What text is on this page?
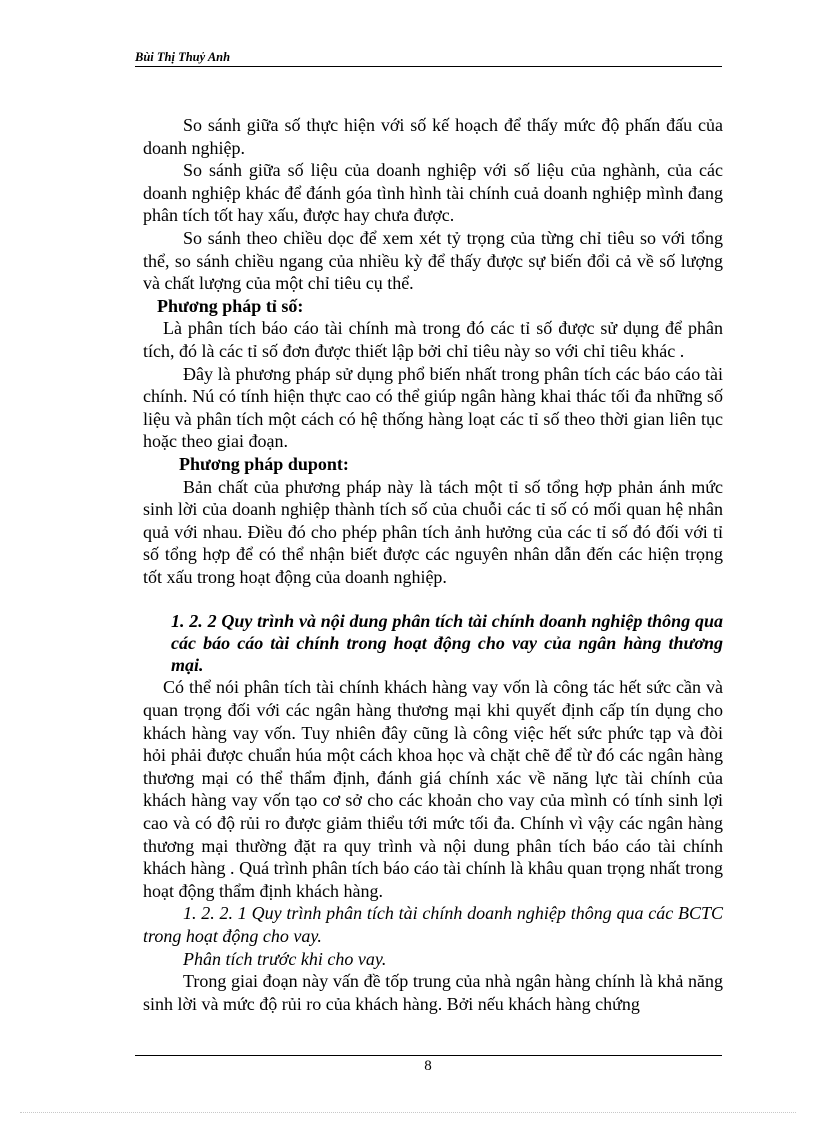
Bùi Thị Thuỷ Anh

So sánh giữa số thực hiện với số kế hoạch để thấy mức độ phấn đấu của doanh nghiệp.

So sánh giữa số liệu của doanh nghiệp với số liệu của nghành, của các doanh nghiệp khác để đánh góa tình hình tài chính cuả doanh nghiệp mình đang phân tích tốt hay xấu, được hay chưa được.

So sánh theo chiều dọc để xem xét tỷ trọng của từng chỉ tiêu so với tổng thể, so sánh chiều ngang của nhiều kỳ để thấy được sự biến đổi cả về số lượng và chất lượng của một chỉ tiêu cụ thể.

Phương pháp tỉ số:

Là phân tích báo cáo tài chính mà trong đó các tỉ số được sử dụng để phân tích, đó là các tỉ số đơn được thiết lập bởi chỉ tiêu này so với chỉ tiêu khác .

Đây là phương pháp sử dụng phổ biến nhất trong phân tích các báo cáo tài chính. Nú có tính hiện thực cao có thể giúp ngân hàng khai thác tối đa những số liệu và phân tích một cách có hệ thống hàng loạt các tỉ số theo thời gian liên tục hoặc theo giai đoạn.

Phương pháp dupont:

Bản chất của phương pháp này là tách một tỉ số tổng hợp phản ánh mức sinh lời của doanh nghiệp thành tích số của chuỗi các tỉ số có mối quan hệ nhân quả với nhau. Điều đó cho phép phân tích ảnh hưởng của các tỉ số đó đối với tỉ số tổng hợp để có thể nhận biết được các nguyên nhân dẫn đến các hiện trọng tốt xấu trong hoạt động của doanh nghiệp.

1. 2. 2 Quy trình và nội dung phân tích tài chính doanh nghiệp thông qua các báo cáo tài chính trong hoạt động cho vay của ngân hàng thương mại.

Có thể nói phân tích tài chính khách hàng vay vốn là công tác hết sức cần và quan trọng đối với các ngân hàng thương mại khi quyết định cấp tín dụng cho khách hàng vay vốn. Tuy nhiên đây cũng là công việc hết sức phức tạp và đòi hỏi phải được chuẩn húa một cách khoa học và chặt chẽ để từ đó các ngân hàng thương mại có thể thẩm định, đánh giá chính xác về năng lực tài chính của khách hàng vay vốn tạo cơ sở cho các khoản cho vay của mình có tính sinh lợi cao và có độ rủi ro được giảm thiểu tới mức tối đa. Chính vì vậy các ngân hàng thương mại thường đặt ra quy trình và nội dung phân tích báo cáo tài chính khách hàng . Quá trình phân tích báo cáo tài chính là khâu quan trọng nhất trong hoạt động thẩm định khách hàng.

1. 2. 2. 1 Quy trình phân tích tài chính doanh nghiệp thông qua các BCTC trong hoạt động cho vay.

Phân tích trước khi cho vay.

Trong giai đoạn này vấn đề tốp trung của nhà ngân hàng chính là khả năng sinh lời và mức độ rủi ro của khách hàng. Bởi nếu khách hàng chứng

8
